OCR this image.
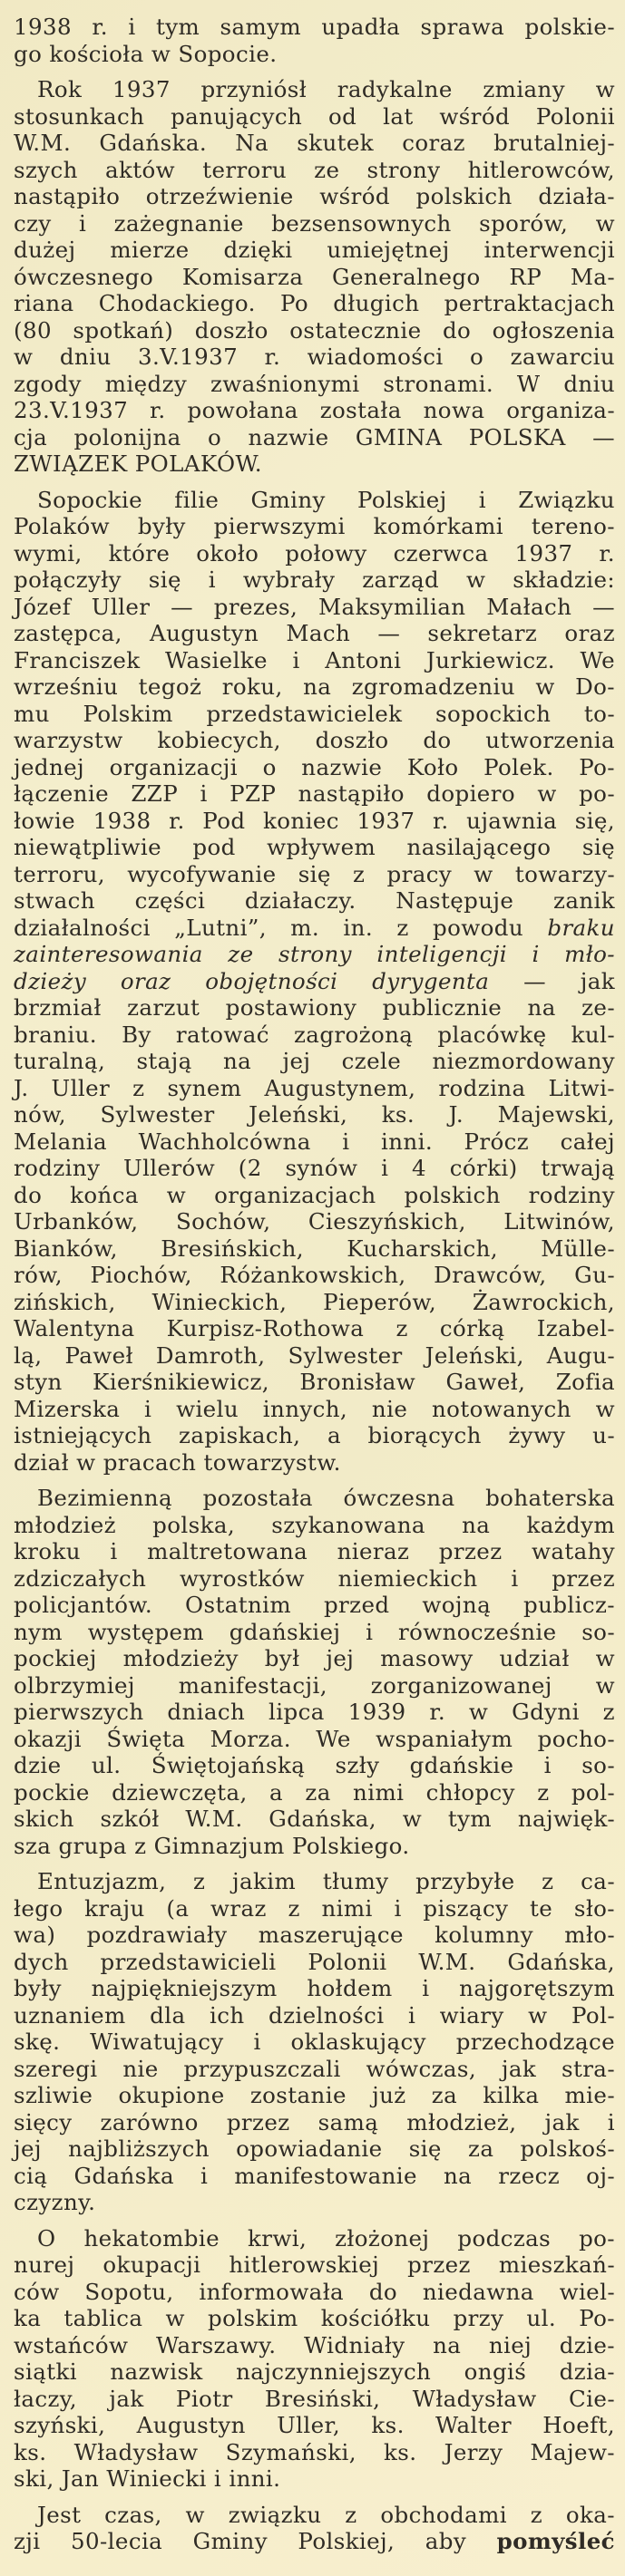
1938 r. i tym samym upadła sprawa polskie-
go kościoła w Sopocie.

Rok 1937 przyniósł radykalne zmiany w
stosunkach panujących od lat wśród Polonii
W.M. Gdańska. Na skutek coraz brutalniej-
szych aktów terroru ze strony hitlerowców,
nastąpiło otrzeźwienie wśród polskich działa-
czy i zażegnanie bezsensownych sporów, w
dużej mierze dzięki umiejętnej interwencji
ówczesnego Komisarza Generalnego RP Ma-
riana Chodackiego. Po długich pertraktacjach
(80 spotkań) doszło ostatecznie do ogłoszenia
w dniu 3.V.1937 r. wiadomości o zawarciu
zgody między zwaśnionymi stronami. W dniu
23.V.1937 r. powołana została nowa organiza-
cja polonijna o nazwie GMINA POLSKA —
ZWIĄZEK POLAKÓW.

Sopockie filie Gminy Polskiej i Związku
Polaków były pierwszymi komórkami tereno-
wymi, które około połowy czerwca 1937 r.
połączyły się i wybrały zarząd w składzie:
Józef Uller — prezes, Maksymilian Małach —
zastępca, Augustyn Mach — sekretarz oraz
Franciszek Wasielke i Antoni Jurkiewicz. We
wrześniu tegoż roku, na zgromadzeniu w Do-
mu Polskim przedstawicielek sopockich to-
warzystw kobiecych, doszło do utworzenia
jednej organizacji o nazwie Koło Polek. Po-
łączenie ZZP i PZP nastąpiło dopiero w po-
łowie 1938 r. Pod koniec 1937 r. ujawnia się,
niewątpliwie pod wpływem nasilającego się
terroru, wycofywanie się z pracy w towarzy-
stwach części działaczy. Następuje zanik
działalności „Lutni”, m. in. z powodu braku
zainteresowania ze strony inteligencji i mło-
dzieży oraz obojętności dyrygenta — jak
brzmiał zarzut postawiony publicznie na ze-
braniu. By ratować zagrożoną placówkę kul-
turalną, stają na jej czele niezmordowany
J. Uller z synem Augustynem, rodzina Litwi-
nów, Sylwester Jeleński, ks. J. Majewski,
Melania Wachholcówna i inni. Prócz całej
rodziny Ullerów (2 synów i 4 córki) trwają
do końca w organizacjach polskich rodziny
Urbanków, Sochów, Cieszyńskich, Litwinów,
Bianków, Bresińskich, Kucharskich, Mülle-
rów, Piochów, Różankowskich, Drawców, Gu-
zińskich, Winieckich, Pieperów, Żawrockich,
Walentyna Kurpisz-Rothowa z córką Izabel-
lą, Paweł Damroth, Sylwester Jeleński, Augu-
styn Kierśnikiewicz, Bronisław Gaweł, Zofia
Mizerska i wielu innych, nie notowanych w
istniejących zapiskach, a biorących żywy u-
dział w pracach towarzystw.

Bezimienną pozostała ówczesna bohaterska
młodzież polska, szykanowana na każdym
kroku i maltretowana nieraz przez watahy
zdziczałych wyrostków niemieckich i przez
policjantów. Ostatnim przed wojną publicz-
nym występem gdańskiej i równocześnie so-
pockiej młodzieży był jej masowy udział w
olbrzymiej manifestacji, zorganizowanej w
pierwszych dniach lipca 1939 r. w Gdyni z
okazji Święta Morza. We wspaniałym pocho-
dzie ul. Świętojańską szły gdańskie i so-
pockie dziewczęta, a za nimi chłopcy z pol-
skich szkół W.M. Gdańska, w tym najwięk-
sza grupa z Gimnazjum Polskiego.

Entuzjazm, z jakim tłumy przybyłe z ca-
łego kraju (a wraz z nimi i piszący te sło-
wa) pozdrawiały maszerujące kolumny mło-
dych przedstawicieli Polonii W.M. Gdańska,
były najpiękniejszym hołdem i najgorętszym
uznaniem dla ich dzielności i wiary w Pol-
skę. Wiwatujący i oklaskujący przechodzące
szeregi nie przypuszczali wówczas, jak stra-
szliwie okupione zostanie już za kilka mie-
sięcy zarówno przez samą młodzież, jak i
jej najbliższych opowiadanie się za polskoś-
cią Gdańska i manifestowanie na rzecz oj-
czyzny.

O hekatombie krwi, złożonej podczas po-
nurej okupacji hitlerowskiej przez mieszkań-
ców Sopotu, informowała do niedawna wiel-
ka tablica w polskim kościółku przy ul. Po-
wstańców Warszawy. Widniały na niej dzie-
siątki nazwisk najczynniejszych ongiś dzia-
łaczy, jak Piotr Bresiński, Władysław Cie-
szyński, Augustyn Uller, ks. Walter Hoeft,
ks. Władysław Szymański, ks. Jerzy Majew-
ski, Jan Winiecki i inni.

Jest czas, w związku z obchodami z oka-
zji 50-lecia Gminy Polskiej, aby pomyśleć
